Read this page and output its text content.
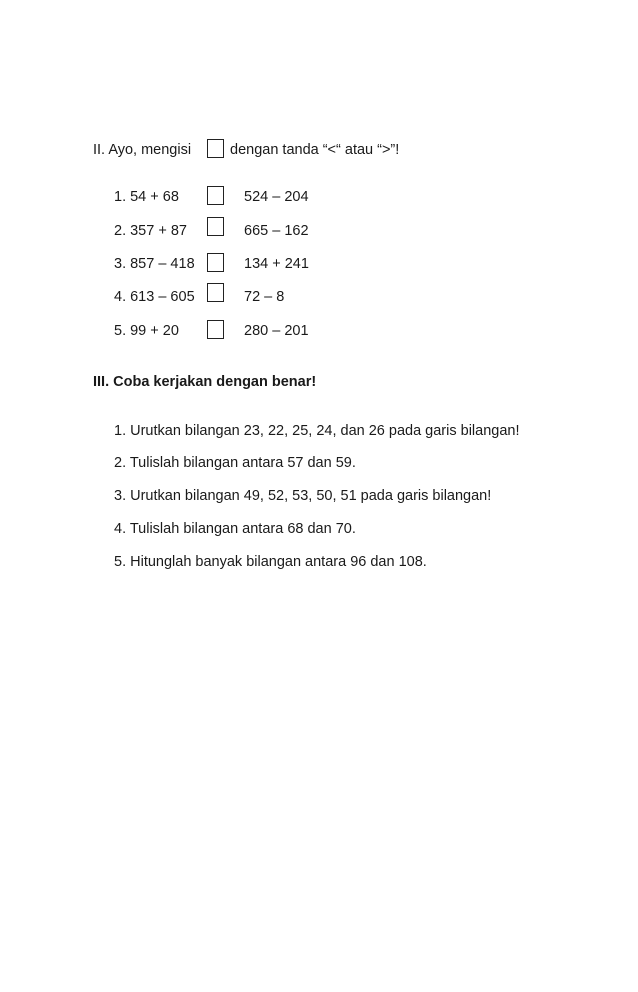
II. Ayo, mengisi	dengan tanda “<“ atau “>”!
1. 54 + 68	524 – 204
2. 357 + 87	665 – 162
3. 857 – 418	134 + 241
4. 613 – 605	72 – 8
5. 99 + 20	280 – 201
III. Coba kerjakan dengan benar!
1. Urutkan bilangan 23, 22, 25, 24, dan 26 pada garis bilangan!
2. Tulislah bilangan antara 57 dan 59.
3. Urutkan bilangan 49, 52, 53, 50, 51 pada garis bilangan!
4. Tulislah bilangan antara 68 dan 70.
5. Hitunglah banyak bilangan antara 96 dan 108.
